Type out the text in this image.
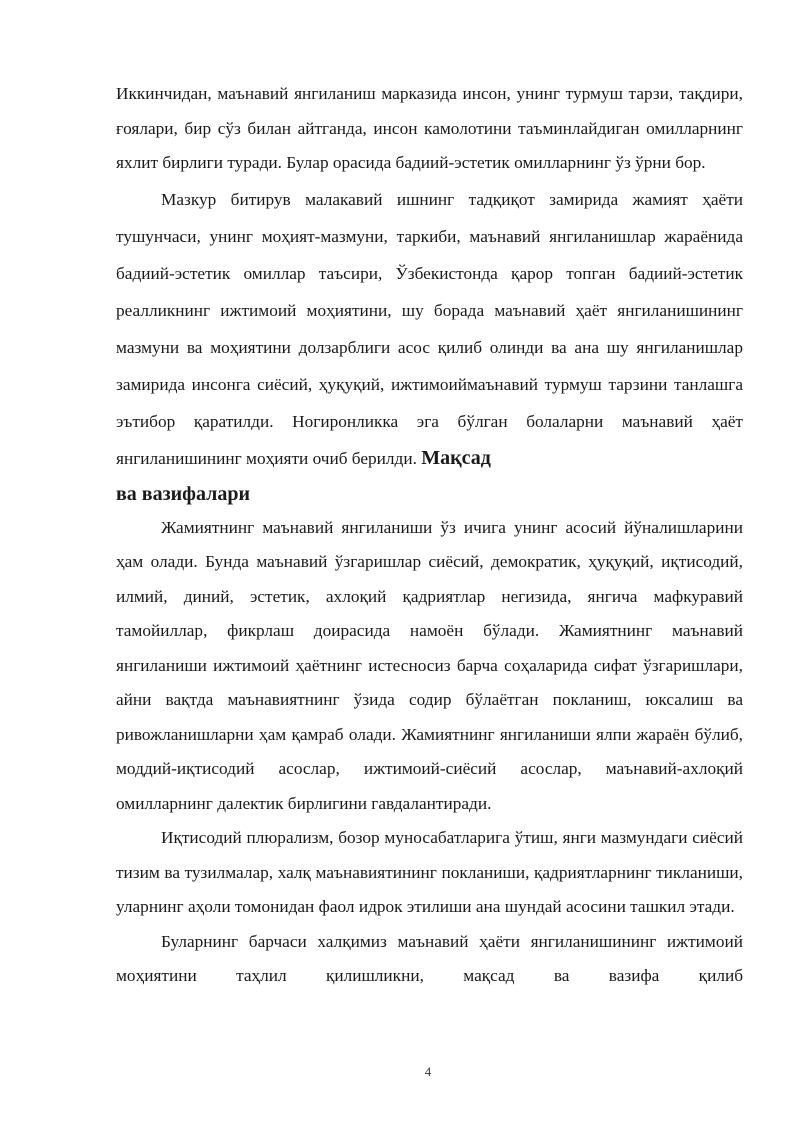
Иккинчидан, маънавий янгиланиш марказида инсон, унинг турмуш тарзи, тақдири, ғоялари, бир сўз билан айтганда, инсон камолотини таъминлайдиган омилларнинг яхлит бирлиги туради. Булар орасида бадиий-эстетик омилларнинг ўз ўрни бор.

Мазкур битирув малакавий ишнинг тадқиқот замирида жамият ҳаёти тушунчаси, унинг моҳият-мазмуни, таркиби, маънавий янгиланишлар жараёнида бадиий-эстетик омиллар таъсири, Ўзбекистонда қарор топган бадиий-эстетик реалликнинг ижтимоий моҳиятини, шу борада маънавий ҳаёт янгиланишининг мазмуни ва моҳиятини долзарблиги асос қилиб олинди ва ана шу янгиланишлар замирида инсонга сиёсий, ҳуқуқий, ижтимоиймаънавий турмуш тарзини танлашга эътибор қаратилди. Ногиронликка эга бўлган болаларни маънавий ҳаёт янгиланишининг моҳияти очиб берилди. Мақсад

ва вазифалари

Жамиятнинг маънавий янгиланиши ўз ичига унинг асосий йўналишларини ҳам олади. Бунда маънавий ўзгаришлар сиёсий, демократик, ҳуқуқий, иқтисодий, илмий, диний, эстетик, ахлоқий қадриятлар негизида, янгича мафкуравий тамойиллар, фикрлаш доирасида намоён бўлади. Жамиятнинг маънавий янгиланиши ижтимоий ҳаётнинг истесносиз барча соҳаларида сифат ўзгаришлари, айни вақтда маънавиятнинг ўзида содир бўлаётган покланиш, юксалиш ва ривожланишларни ҳам қамраб олади. Жамиятнинг янгиланиши ялпи жараён бўлиб, моддий-иқтисодий асослар, ижтимоий-сиёсий асослар, маънавий-ахлоқий омилларнинг далектик бирлигини гавдалантиради.

Иқтисодий плюрализм, бозор муносабатларига ўтиш, янги мазмундаги сиёсий тизим ва тузилмалар, халқ маънавиятининг покланиши, қадриятларнинг тикланиши, уларнинг аҳоли томонидан фаол идрок этилиши ана шундай асосини ташкил этади.

Буларнинг барчаси халқимиз маънавий ҳаёти янгиланишининг ижтимоий моҳиятини таҳлил қилишликни, мақсад ва вазифа қилиб

4
